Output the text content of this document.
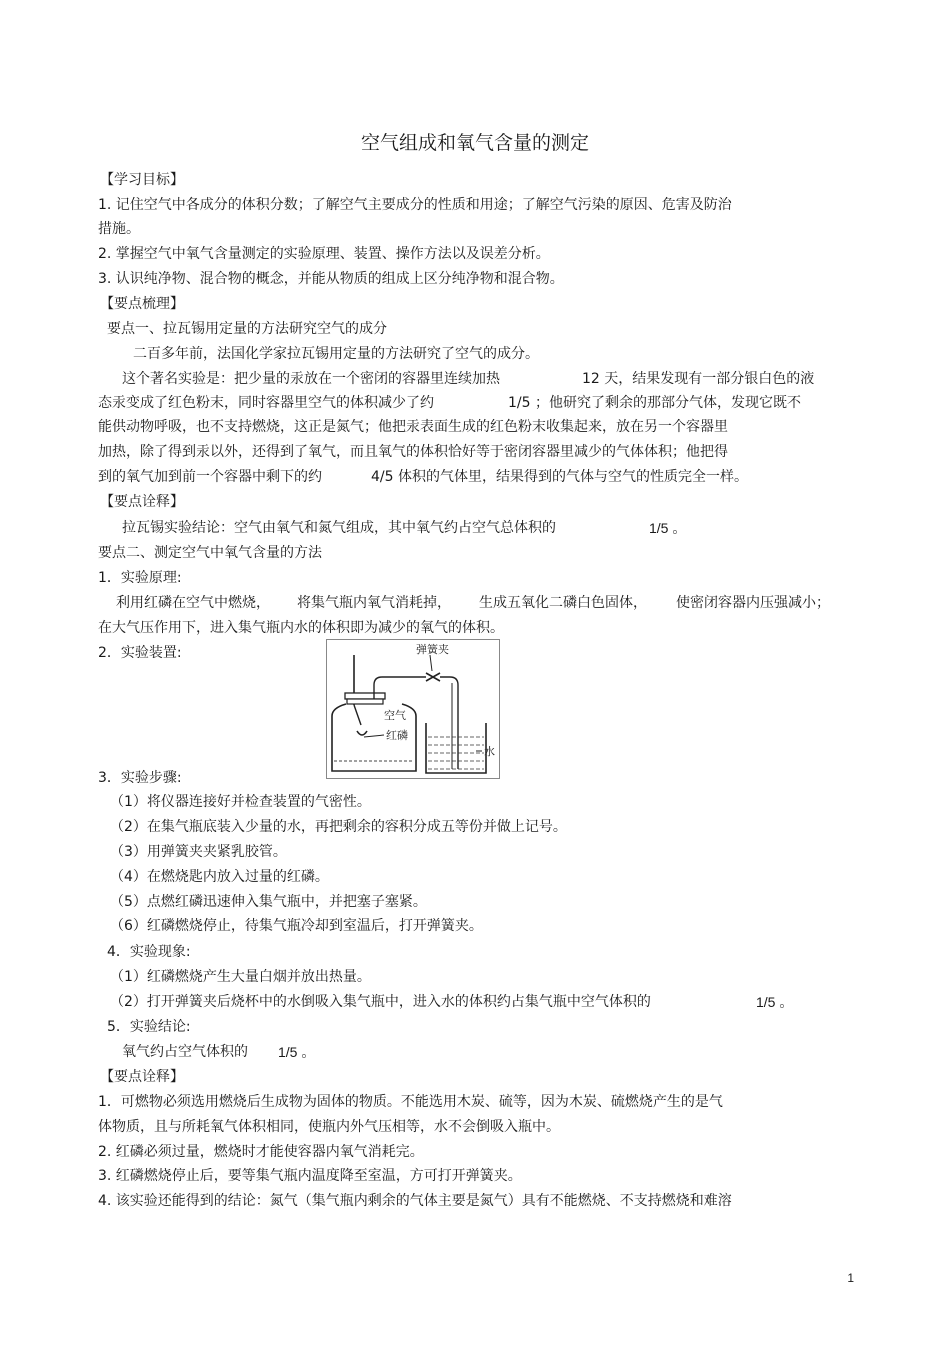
空气组成和氧气含量的测定
【学习目标】
1. 记住空气中各成分的体积分数；了解空气主要成分的性质和用途；了解空气污染的原因、危害及防治
措施。
2. 掌握空气中氧气含量测定的实验原理、装置、操作方法以及误差分析。
3. 认识纯净物、混合物的概念，并能从物质的组成上区分纯净物和混合物。
【要点梳理】
要点一、拉瓦锡用定量的方法研究空气的成分
二百多年前，法国化学家拉瓦锡用定量的方法研究了空气的成分。
这个著名实验是：把少量的汞放在一个密闭的容器里连续加热	12 天，结果发现有一部分银白色的液
态汞变成了红色粉末，同时容器里空气的体积减少了约	1/5 ；他研究了剩余的那部分气体，发现它既不
能供动物呼吸，也不支持燃烧，这正是氮气；他把汞表面生成的红色粉末收集起来，放在另一个容器里
加热，除了得到汞以外，还得到了氧气，而且氧气的体积恰好等于密闭容器里减少的气体体积；他把得
到的氧气加到前一个容器中剩下的约	4/5 体积的气体里，结果得到的气体与空气的性质完全一样。
【要点诠释】
拉瓦锡实验结论：空气由氧气和氮气组成，其中氧气约占空气总体积的	1/5 。
要点二、测定空气中氧气含量的方法
1．实验原理:
利用红磷在空气中燃烧， 将集气瓶内氧气消耗掉， 生成五氧化二磷白色固体， 使密闭容器内压强减小；
在大气压作用下，进入集气瓶内水的体积即为减少的氧气的体积。
2．实验装置:	弹簧夹
空气
红磷
水
3．实验步骤:
（1）将仪器连接好并检查装置的气密性。
（2）在集气瓶底装入少量的水，再把剩余的容积分成五等份并做上记号。
（3）用弹簧夹夹紧乳胶管。
（4）在燃烧匙内放入过量的红磷。
（5）点燃红磷迅速伸入集气瓶中，并把塞子塞紧。
（6）红磷燃烧停止，待集气瓶冷却到室温后，打开弹簧夹。
4．实验现象:
（1）红磷燃烧产生大量白烟并放出热量。
（2）打开弹簧夹后烧杯中的水倒吸入集气瓶中，进入水的体积约占集气瓶中空气体积的	1/5 。
5．实验结论:
氧气约占空气体积的 1/5 。
【要点诠释】
1．可燃物必须选用燃烧后生成物为固体的物质。不能选用木炭、硫等，因为木炭、硫燃烧产生的是气
体物质，且与所耗氧气体积相同，使瓶内外气压相等，水不会倒吸入瓶中。
2. 红磷必须过量，燃烧时才能使容器内氧气消耗完。
3. 红磷燃烧停止后，要等集气瓶内温度降至室温，方可打开弹簧夹。
4. 该实验还能得到的结论：氮气（集气瓶内剩余的气体主要是氮气）具有不能燃烧、不支持燃烧和难溶
1
